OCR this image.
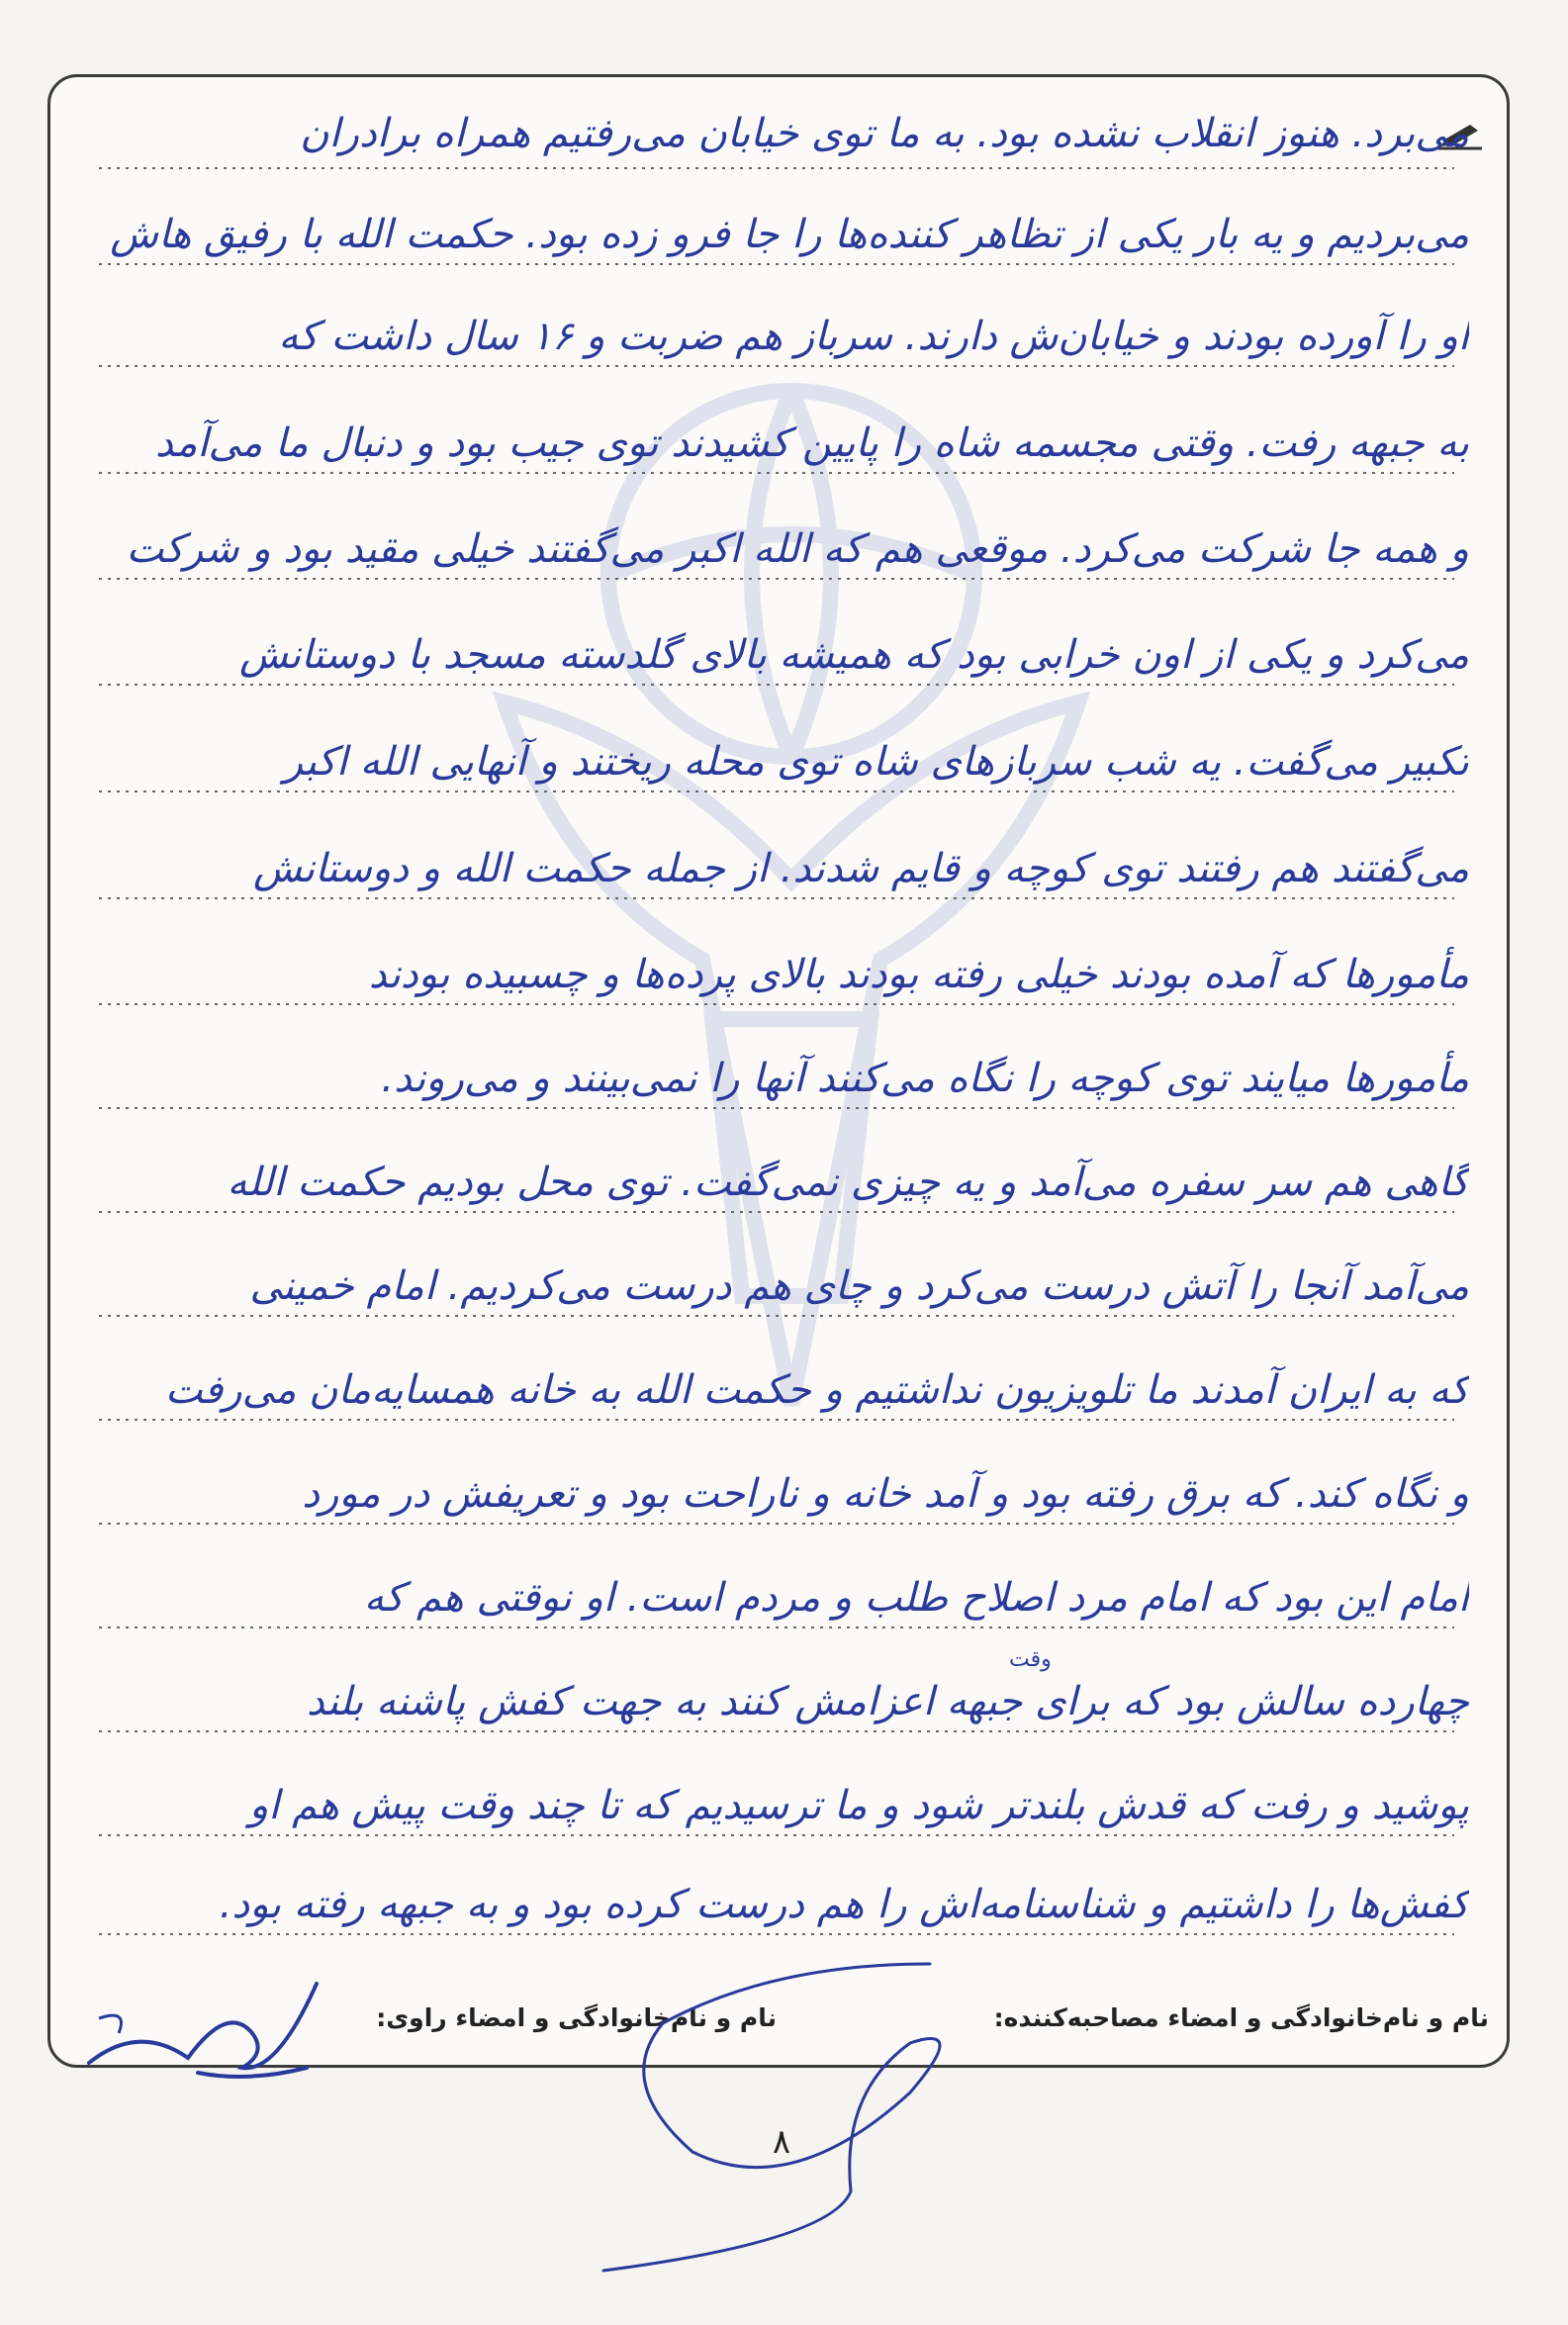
می‌برد. هنوز انقلاب نشده بود. به ما توی خیابان می‌رفتیم همراه برادران
می‌بردیم و یه بار یکی از تظاهر کننده‌ها را جا فرو زده بود. حکمت الله با رفیق هاش
او را آورده بودند و خیابان‌ش دارند. سرباز هم ضربت و ۱۶ سال داشت که
به جبهه رفت. وقتی مجسمه شاه را پایین کشیدند توی جیب بود و دنبال ما می‌آمد
و همه جا شرکت می‌کرد. موقعی هم که الله اکبر می‌گفتند خیلی مقید بود و شرکت
می‌کرد و یکی از اون خرابی بود که همیشه بالای گلدسته مسجد با دوستانش
تکبیر می‌گفت. یه شب سربازهای شاه توی محله ریختند و آنهایی الله اکبر
می‌گفتند هم رفتند توی کوچه و قایم شدند. از جمله حکمت الله و دوستانش
مأمورها که آمده بودند خیلی رفته بودند بالای پرده‌ها و چسبیده بودند
مأمورها میایند توی کوچه را نگاه می‌کنند آنها را نمی‌بینند و می‌روند.
گاهی هم سر سفره می‌آمد و یه چیزی نمی‌گفت. توی محل بودیم حکمت الله
می‌آمد آنجا را آتش درست می‌کرد و چای هم درست می‌کردیم. امام خمینی
که به ایران آمدند ما تلویزیون نداشتیم و حکمت الله به خانه همسایه‌مان می‌رفت
و نگاه کند. که برق رفته بود و آمد خانه و ناراحت بود و تعریفش در مورد
امام این بود که امام مرد اصلاح طلب و مردم است. او نوقتی هم که
چهارده سالش بود که برای جبهه اعزامش کنند به جهت کفش پاشنه بلند
پوشید و رفت که قدش بلندتر شود و ما ترسیدیم که تا چند وقت پیش هم او
کفش‌ها را داشتیم و شناسنامه‌اش را هم درست کرده بود و به جبهه رفته بود.
وقت
نام و نام‌خانوادگی و امضاء مصاحبه‌کننده:
نام و نام‌خانوادگی و امضاء راوی:
۸
